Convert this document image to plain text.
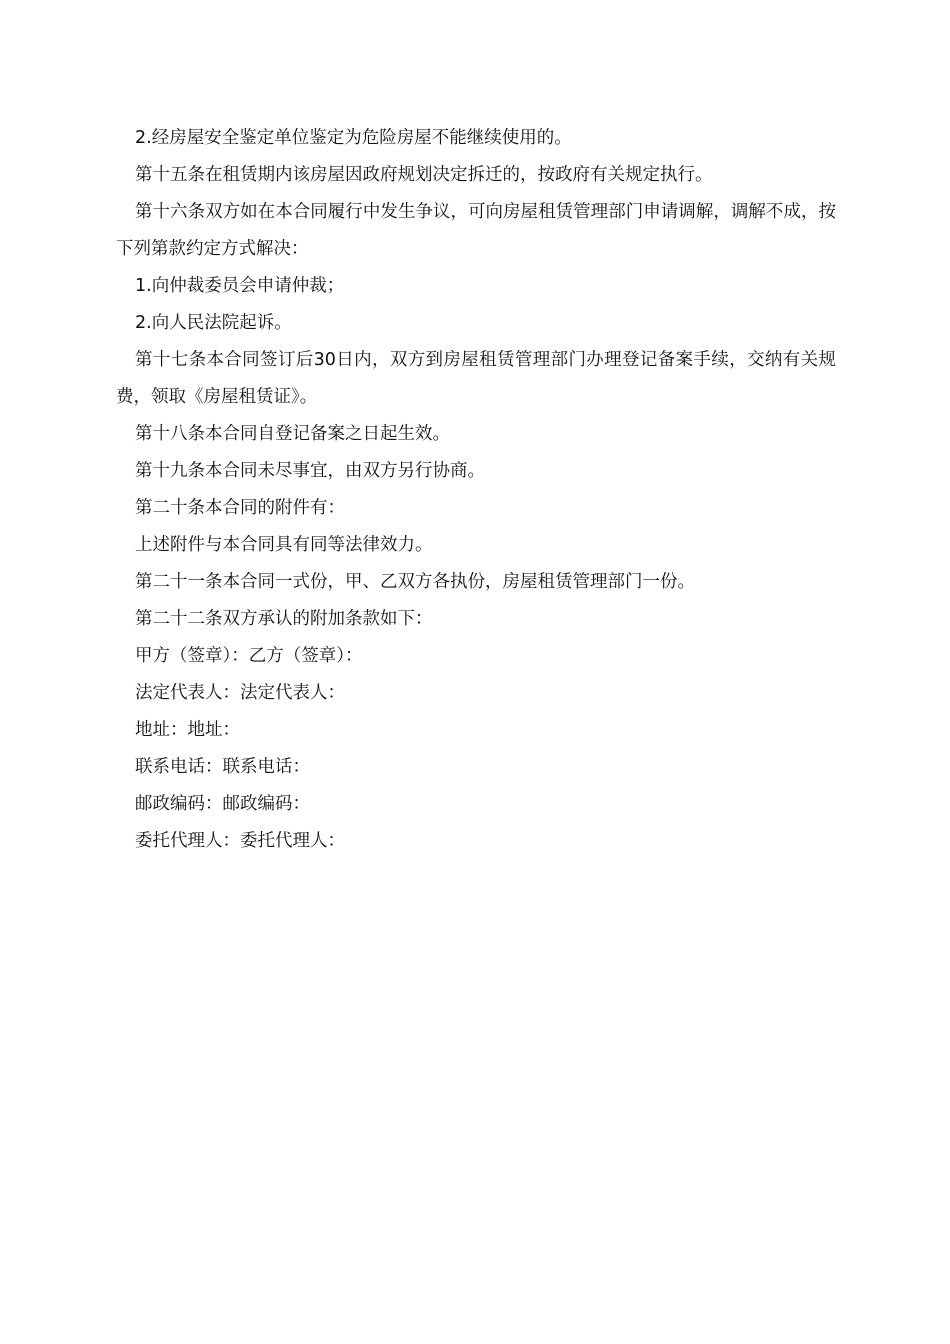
2.经房屋安全鉴定单位鉴定为危险房屋不能继续使用的。

第十五条在租赁期内该房屋因政府规划决定拆迁的，按政府有关规定执行。

第十六条双方如在本合同履行中发生争议，可向房屋租赁管理部门申请调解，调解不成，按下列第款约定方式解决：

1.向仲裁委员会申请仲裁；

2.向人民法院起诉。

第十七条本合同签订后30日内，双方到房屋租赁管理部门办理登记备案手续，交纳有关规费，领取《房屋租赁证》。

第十八条本合同自登记备案之日起生效。

第十九条本合同未尽事宜，由双方另行协商。

第二十条本合同的附件有：

上述附件与本合同具有同等法律效力。

第二十一条本合同一式份，甲、乙双方各执份，房屋租赁管理部门一份。

第二十二条双方承认的附加条款如下：

甲方（签章）：乙方（签章）：

法定代表人：法定代表人：

地址：地址：

联系电话：联系电话：

邮政编码：邮政编码：

委托代理人：委托代理人：
